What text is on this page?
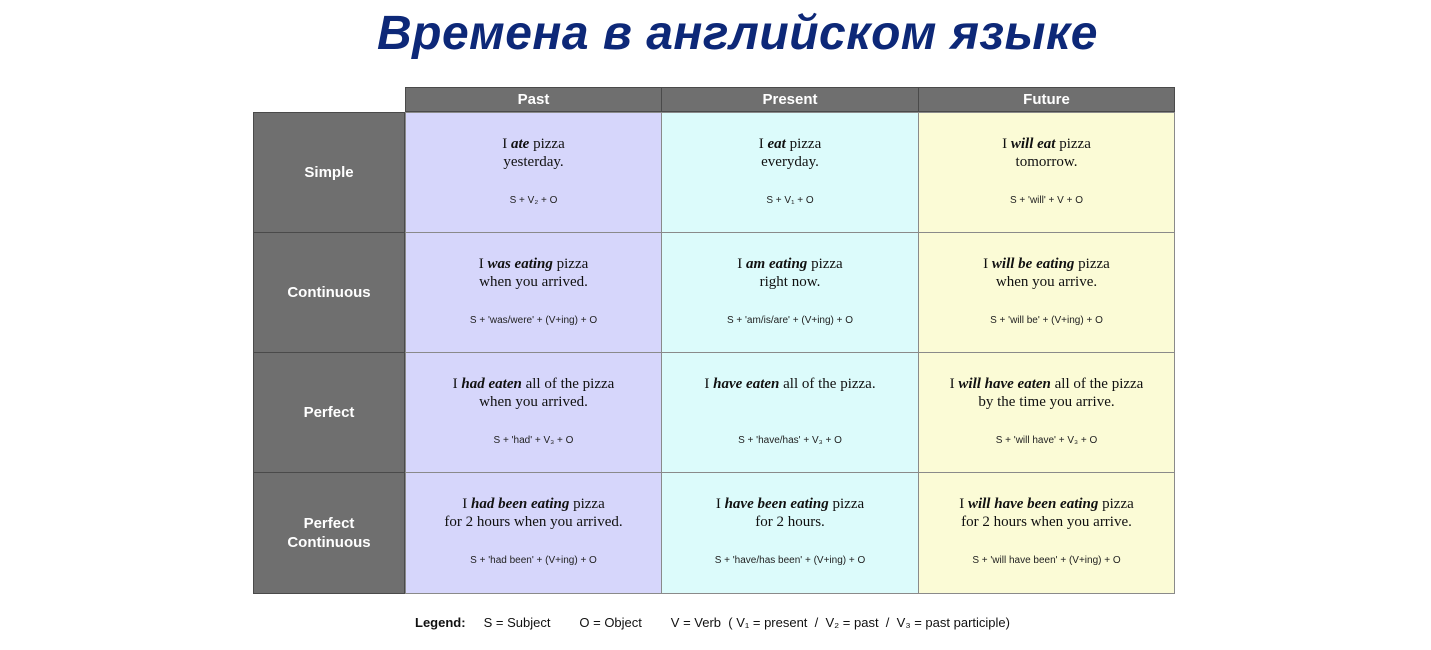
Времена в английском языке
Past	Present	Future
Simple
Continuous
Perfect
Perfect
Continuous
I ate pizza
yesterday.
S + V₂ + O
I eat pizza
everyday.
S + V₁ + O
I will eat pizza
tomorrow.
S + 'will' + V + O
I was eating pizza
when you arrived.
S + 'was/were' + (V+ing) + O
I am eating pizza
right now.
S + 'am/is/are' + (V+ing) + O
I will be eating pizza
when you arrive.
S + 'will be' + (V+ing) + O
I had eaten all of the pizza
when you arrived.
S + 'had' + V₃ + O
I have eaten all of the pizza.

S + 'have/has' + V₃ + O
I will have eaten all of the pizza
by the time you arrive.
S + 'will have' + V₃ + O
I had been eating pizza
for 2 hours when you arrived.
S + 'had been' + (V+ing) + O
I have been eating pizza
for 2 hours.
S + 'have/has been' + (V+ing) + O
I will have been eating pizza
for 2 hours when you arrive.
S + 'will have been' + (V+ing) + O
Legend: S = Subject O = Object V = Verb  ( V₁ = present  /  V₂ = past  /  V₃ = past participle)
